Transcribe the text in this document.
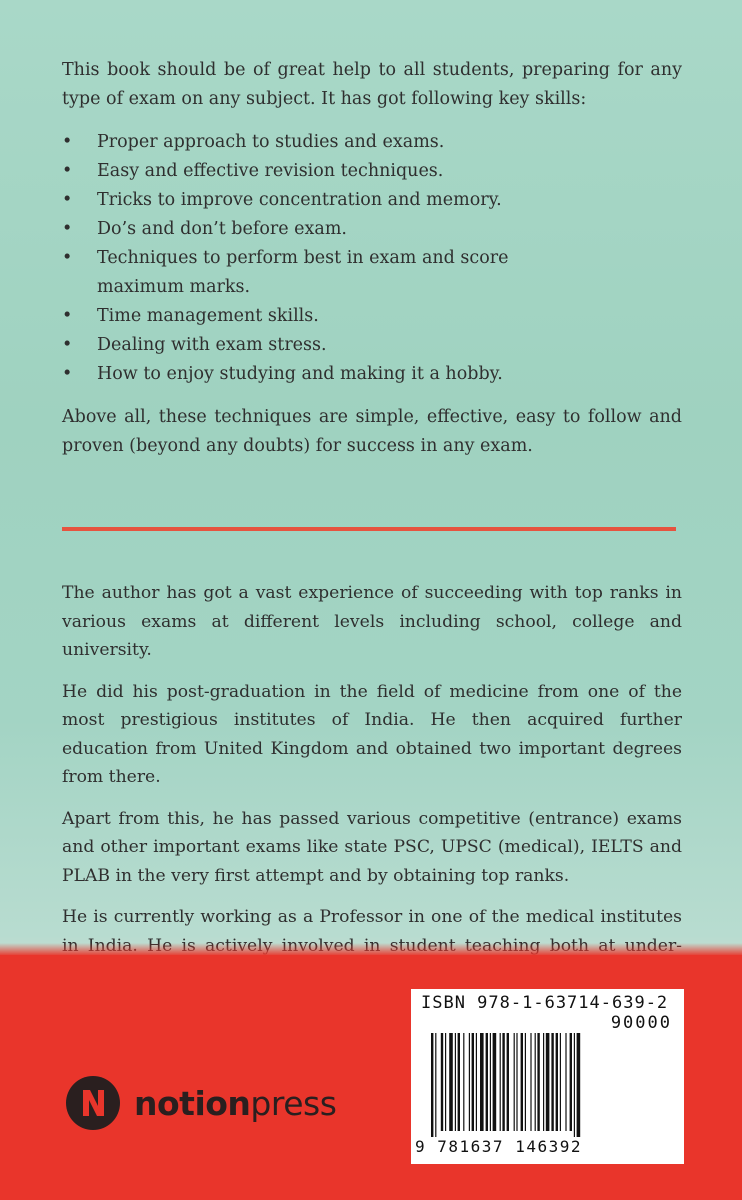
This book should be of great help to all students, preparing for any type of exam on any subject. It has got following key skills:

• Proper approach to studies and exams.
• Easy and effective revision techniques.
• Tricks to improve concentration and memory.
• Do’s and don’t before exam.
• Techniques to perform best in exam and score maximum marks.
• Time management skills.
• Dealing with exam stress.
• How to enjoy studying and making it a hobby.

Above all, these techniques are simple, effective, easy to follow and proven (beyond any doubts) for success in any exam.

The author has got a vast experience of succeeding with top ranks in various exams at different levels including school, college and university.

He did his post-graduation in the field of medicine from one of the most prestigious institutes of India. He then acquired further education from United Kingdom and obtained two important degrees from there.

Apart from this, he has passed various competitive (entrance) exams and other important exams like state PSC, UPSC (medical), IELTS and PLAB in the very first attempt and by obtaining top ranks.

He is currently working as a Professor in one of the medical institutes

notionpress
ISBN 978-1-63714-639-2
90000
9 781637 146392
